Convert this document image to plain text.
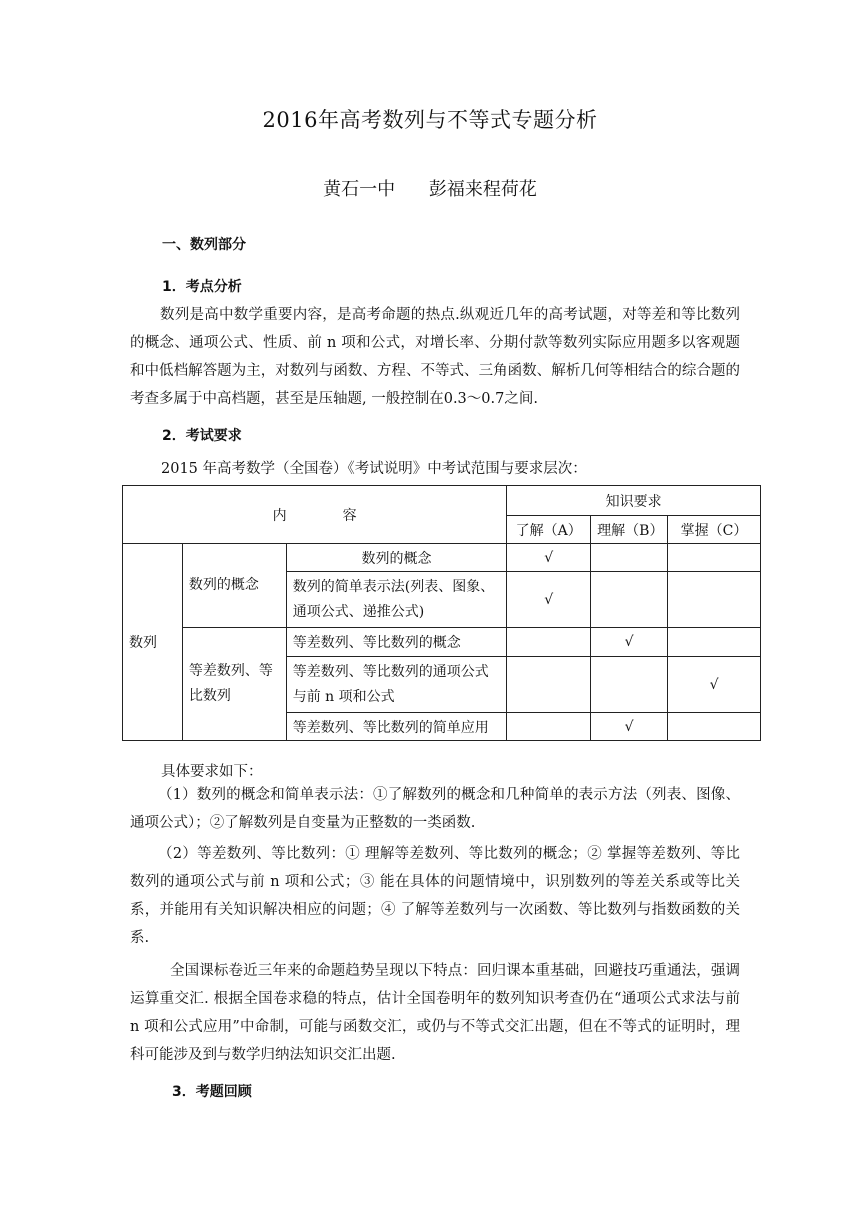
2016年高考数列与不等式专题分析
黄石一中 彭福来程荷花
一、数列部分
1．考点分析
数列是高中数学重要内容，是高考命题的热点.纵观近几年的高考试题，对等差和等比数列的概念、通项公式、性质、前 n 项和公式，对增长率、分期付款等数列实际应用题多以客观题和中低档解答题为主，对数列与函数、方程、不等式、三角函数、解析几何等相结合的综合题的考查多属于中高档题，甚至是压轴题, 一般控制在0.3～0.7之间.
2．考试要求
2015 年高考数学（全国卷）《考试说明》中考试范围与要求层次：
内　　　　容			知识要求		
			了解（A）	理解（B）	掌握（C）
数列	数列的概念	数列的概念	√		
		数列的简单表示法(列表、图象、通项公式、递推公式)	√		
	等差数列、等比数列	等差数列、等比数列的概念		√	
		等差数列、等比数列的通项公式与前 n 项和公式			√
		等差数列、等比数列的简单应用		√	
具体要求如下：
（1）数列的概念和简单表示法：①了解数列的概念和几种简单的表示方法（列表、图像、通项公式）；②了解数列是自变量为正整数的一类函数.
（2）等差数列、等比数列：① 理解等差数列、等比数列的概念；② 掌握等差数列、等比数列的通项公式与前 n 项和公式；③ 能在具体的问题情境中，识别数列的等差关系或等比关系，并能用有关知识解决相应的问题；④ 了解等差数列与一次函数、等比数列与指数函数的关系.
全国课标卷近三年来的命题趋势呈现以下特点：回归课本重基础，回避技巧重通法，强调运算重交汇. 根据全国卷求稳的特点，估计全国卷明年的数列知识考查仍在“通项公式求法与前 n 项和公式应用”中命制，可能与函数交汇，或仍与不等式交汇出题，但在不等式的证明时，理科可能涉及到与数学归纳法知识交汇出题.
3．考题回顾
